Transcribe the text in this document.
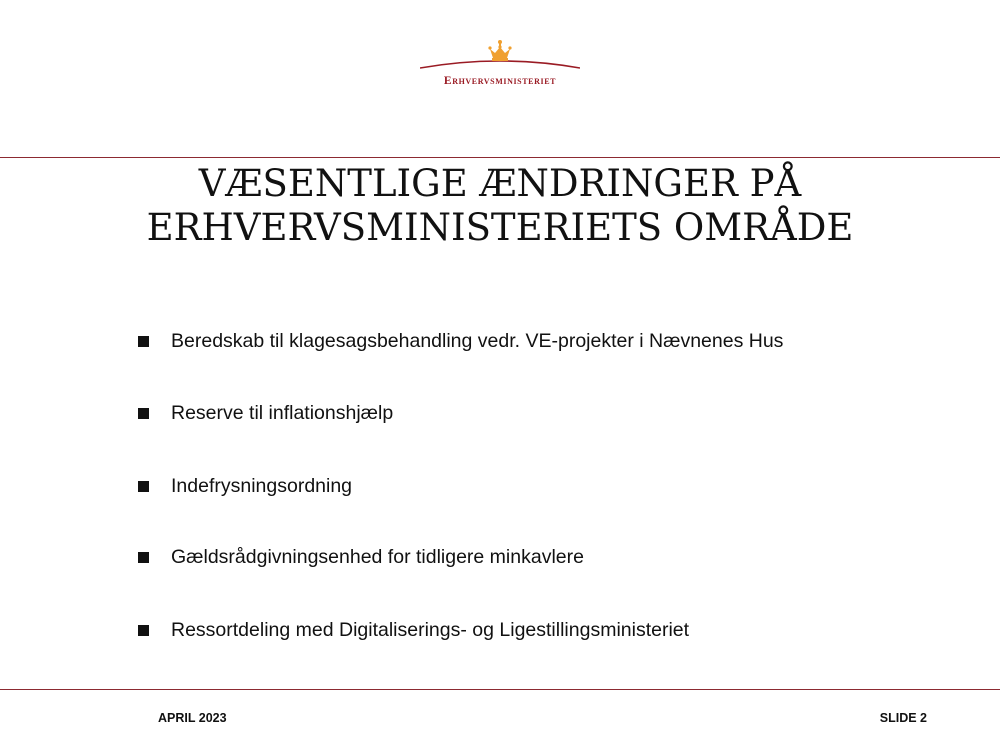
Erhvervsministeriet
VÆSENTLIGE ÆNDRINGER PÅ
ERHVERVSMINISTERIETS OMRÅDE
Beredskab til klagesagsbehandling vedr. VE-projekter i Nævnenes Hus
Reserve til inflationshjælp
Indefrysningsordning
Gældsrådgivningsenhed for tidligere minkavlere
Ressortdeling med Digitaliserings- og Ligestillingsministeriet
APRIL 2023	SLIDE 2
